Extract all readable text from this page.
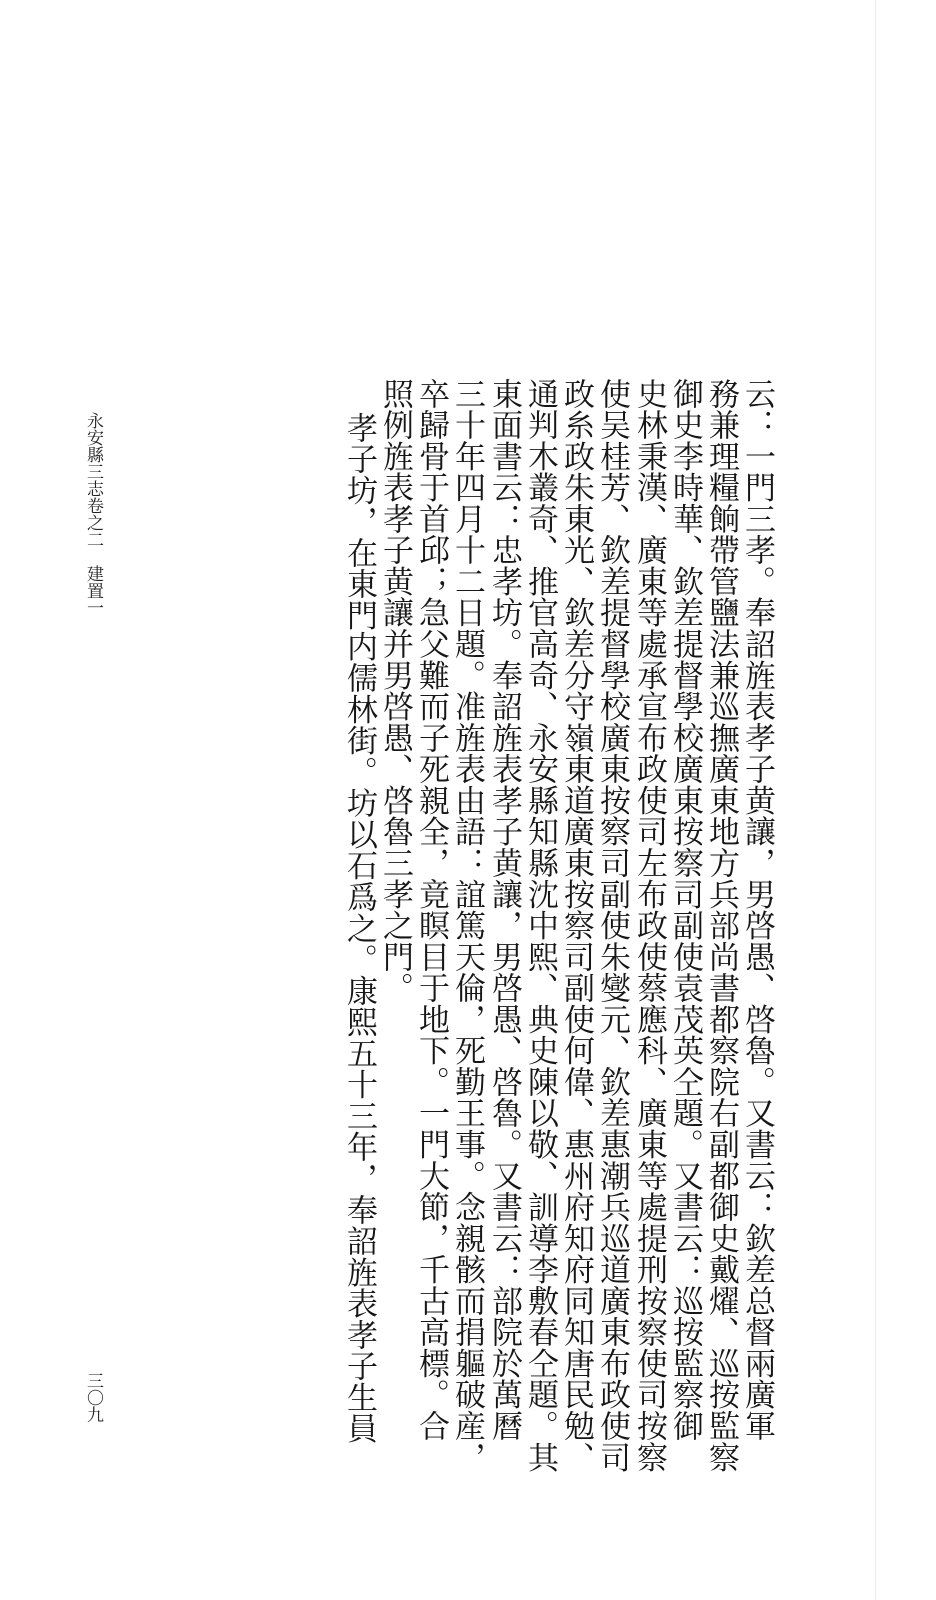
云：一門三孝。奉詔旌表孝子黄讓，男啓愚、啓魯。又書云：欽差总督兩廣軍
務兼理糧餉帶管鹽法兼巡撫廣東地方兵部尚書都察院右副都御史戴燿、巡按監察
御史李時華、欽差提督學校廣東按察司副使袁茂英仝題。又書云：巡按監察御
史林秉漢、廣東等處承宣布政使司左布政使蔡應科、廣東等處提刑按察使司按察
使吴桂芳、欽差提督學校廣東按察司副使朱燮元、欽差惠潮兵巡道廣東布政使司
政糸政朱東光、欽差分守嶺東道廣東按察司副使何偉、惠州府知府同知唐民勉、
通判木叢奇、推官高奇、永安縣知縣沈中熙、典史陳以敬、訓導李敷春仝題。其
東面書云：忠孝坊。奉詔旌表孝子黄讓，男啓愚、啓魯。又書云：部院於萬曆
三十年四月十二日題。准旌表由語：誼篤天倫，死勤王事。念親骸而捐軀破産，
卒歸骨于首邱；急父難而子死親全，竟瞑目于地下。一門大節，千古高標。合
照例旌表孝子黄讓并男啓愚、啓魯三孝之門。
孝子坊，在東門内儒林街。坊以石爲之。康熙五十三年，奉詔旌表孝子生員
永安縣三志卷之二　建置一
三〇九
